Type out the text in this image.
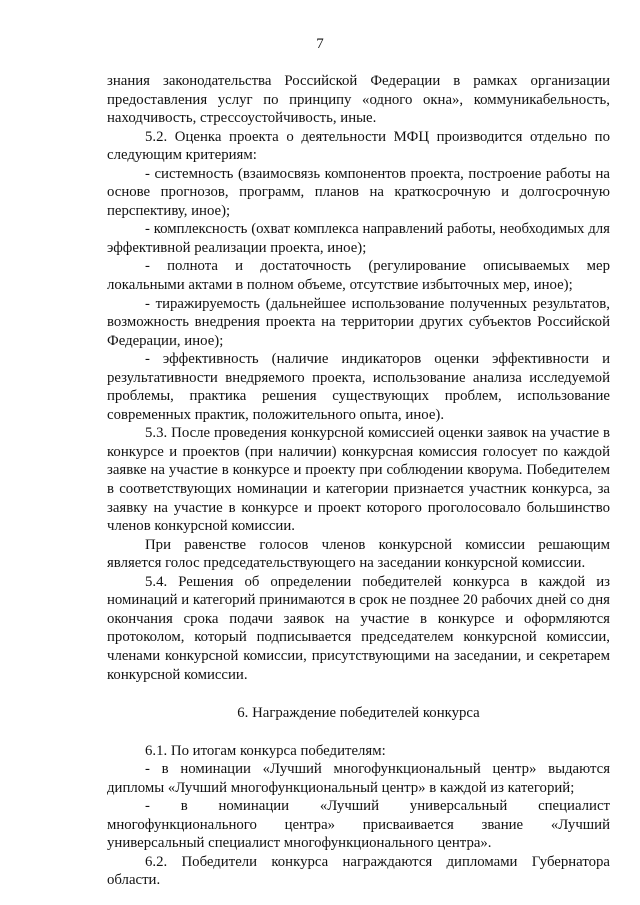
7

знания законодательства Российской Федерации в рамках организации предоставления услуг по принципу «одного окна», коммуникабельность, находчивость, стрессоустойчивость, иные.

5.2. Оценка проекта о деятельности МФЦ производится отдельно по следующим критериям:

- системность (взаимосвязь компонентов проекта, построение работы на основе прогнозов, программ, планов на краткосрочную и долгосрочную перспективу, иное);

- комплексность (охват комплекса направлений работы, необходимых для эффективной реализации проекта, иное);

- полнота и достаточность (регулирование описываемых мер локальными актами в полном объеме, отсутствие избыточных мер, иное);

- тиражируемость (дальнейшее использование полученных результатов, возможность внедрения проекта на территории других субъектов Российской Федерации, иное);

- эффективность (наличие индикаторов оценки эффективности и результативности внедряемого проекта, использование анализа исследуемой проблемы, практика решения существующих проблем, использование современных практик, положительного опыта, иное).

5.3. После проведения конкурсной комиссией оценки заявок на участие в конкурсе и проектов (при наличии) конкурсная комиссия голосует по каждой заявке на участие в конкурсе и проекту при соблюдении кворума. Победителем в соответствующих номинации и категории признается участник конкурса, за заявку на участие в конкурсе и проект которого проголосовало большинство членов конкурсной комиссии.

При равенстве голосов членов конкурсной комиссии решающим является голос председательствующего на заседании конкурсной комиссии.

5.4. Решения об определении победителей конкурса в каждой из номинаций и категорий принимаются в срок не позднее 20 рабочих дней со дня окончания срока подачи заявок на участие в конкурсе и оформляются протоколом, который подписывается председателем конкурсной комиссии, членами конкурсной комиссии, присутствующими на заседании, и секретарем конкурсной комиссии.

6. Награждение победителей конкурса

6.1. По итогам конкурса победителям:

- в номинации «Лучший многофункциональный центр» выдаются дипломы «Лучший многофункциональный центр» в каждой из категорий;

- в номинации «Лучший универсальный специалист многофункционального центра» присваивается звание «Лучший универсальный специалист многофункционального центра».

6.2. Победители конкурса награждаются дипломами Губернатора области.
